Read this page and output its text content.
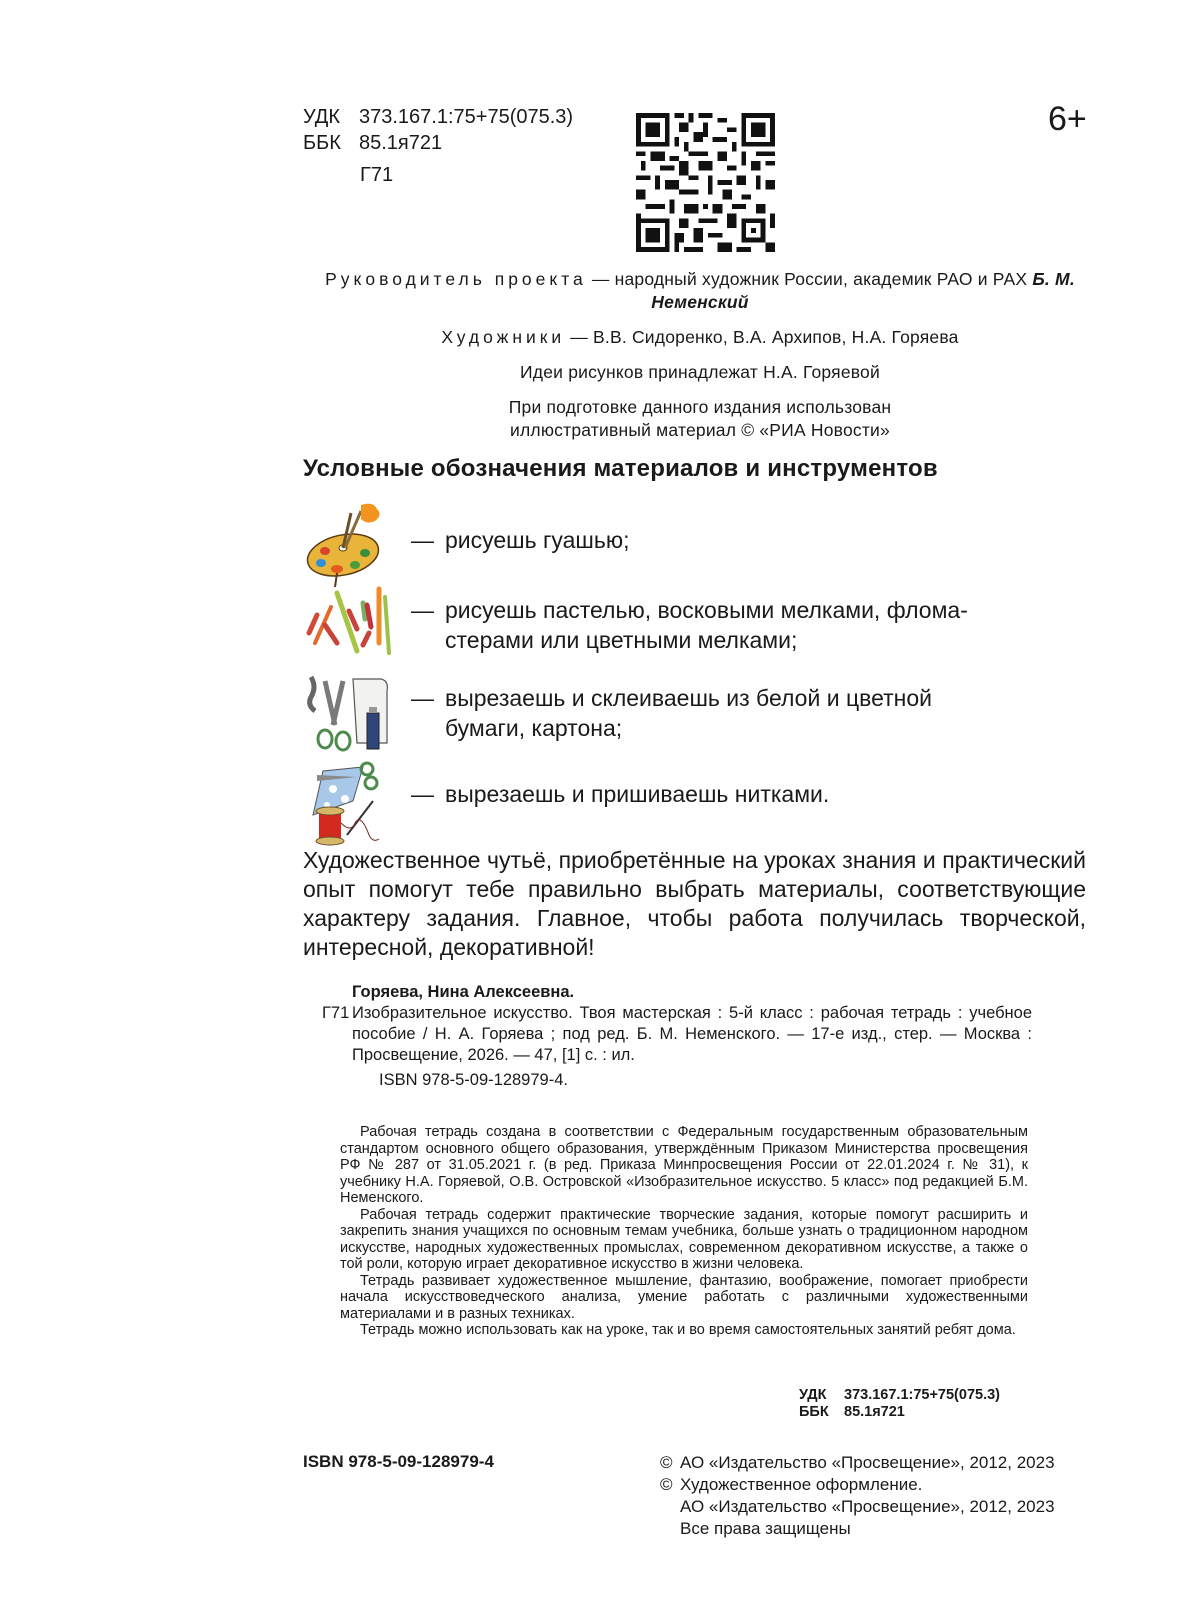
УДК 373.167.1:75+75(075.3)
ББК 85.1я721
Г71
6+

Руководитель проекта — народный художник России, академик РАО и РАХ Б. М. Неменский

Художники — В.В. Сидоренко, В.А. Архипов, Н.А. Горяева

Идеи рисунков принадлежат Н.А. Горяевой

При подготовке данного издания использован
иллюстративный материал © «РИА Новости»

Условные обозначения материалов и инструментов
— рисуешь гуашью;
— рисуешь пастелью, восковыми мелками, флома-
стерами или цветными мелками;
— вырезаешь и склеиваешь из белой и цветной
бумаги, картона;
— вырезаешь и пришиваешь нитками.
Художественное чутьё, приобретённые на уроках знания и практический опыт помогут тебе правильно выбрать материалы, соответствующие характеру задания. Главное, чтобы работа получилась творческой, интересной, декоративной!
Горяева, Нина Алексеевна.
Г71 Изобразительное искусство. Твоя мастерская : 5-й класс : рабочая тетрадь : учебное пособие / Н. А. Горяева ; под ред. Б. М. Неменского. — 17-е изд., стер. — Москва : Просвещение, 2026. — 47, [1] с. : ил.
ISBN 978-5-09-128979-4.

Рабочая тетрадь создана в соответствии с Федеральным государственным образовательным стандартом основного общего образования, утверждённым Приказом Министерства просвещения РФ № 287 от 31.05.2021 г. (в ред. Приказа Минпросвещения России от 22.01.2024 г. № 31), к учебнику Н.А. Горяевой, О.В. Островской «Изобразительное искусство. 5 класс» под редакцией Б.М. Неменского.

Рабочая тетрадь содержит практические творческие задания, которые помогут расширить и закрепить знания учащихся по основным темам учебника, больше узнать о традиционном народном искусстве, народных художественных промыслах, современном декоративном искусстве, а также о той роли, которую играет декоративное искусство в жизни человека.

Тетрадь развивает художественное мышление, фантазию, воображение, помогает приобрести начала искусствоведческого анализа, умение работать с различными художественными материалами и в разных техниках.

Тетрадь можно использовать как на уроке, так и во время самостоятельных занятий ребят дома.

УДК 373.167.1:75+75(075.3)
ББК 85.1я721
ISBN 978-5-09-128979-4	© АО «Издательство «Просвещение», 2012, 2023
© Художественное оформление.
АО «Издательство «Просвещение», 2012, 2023
Все права защищены
